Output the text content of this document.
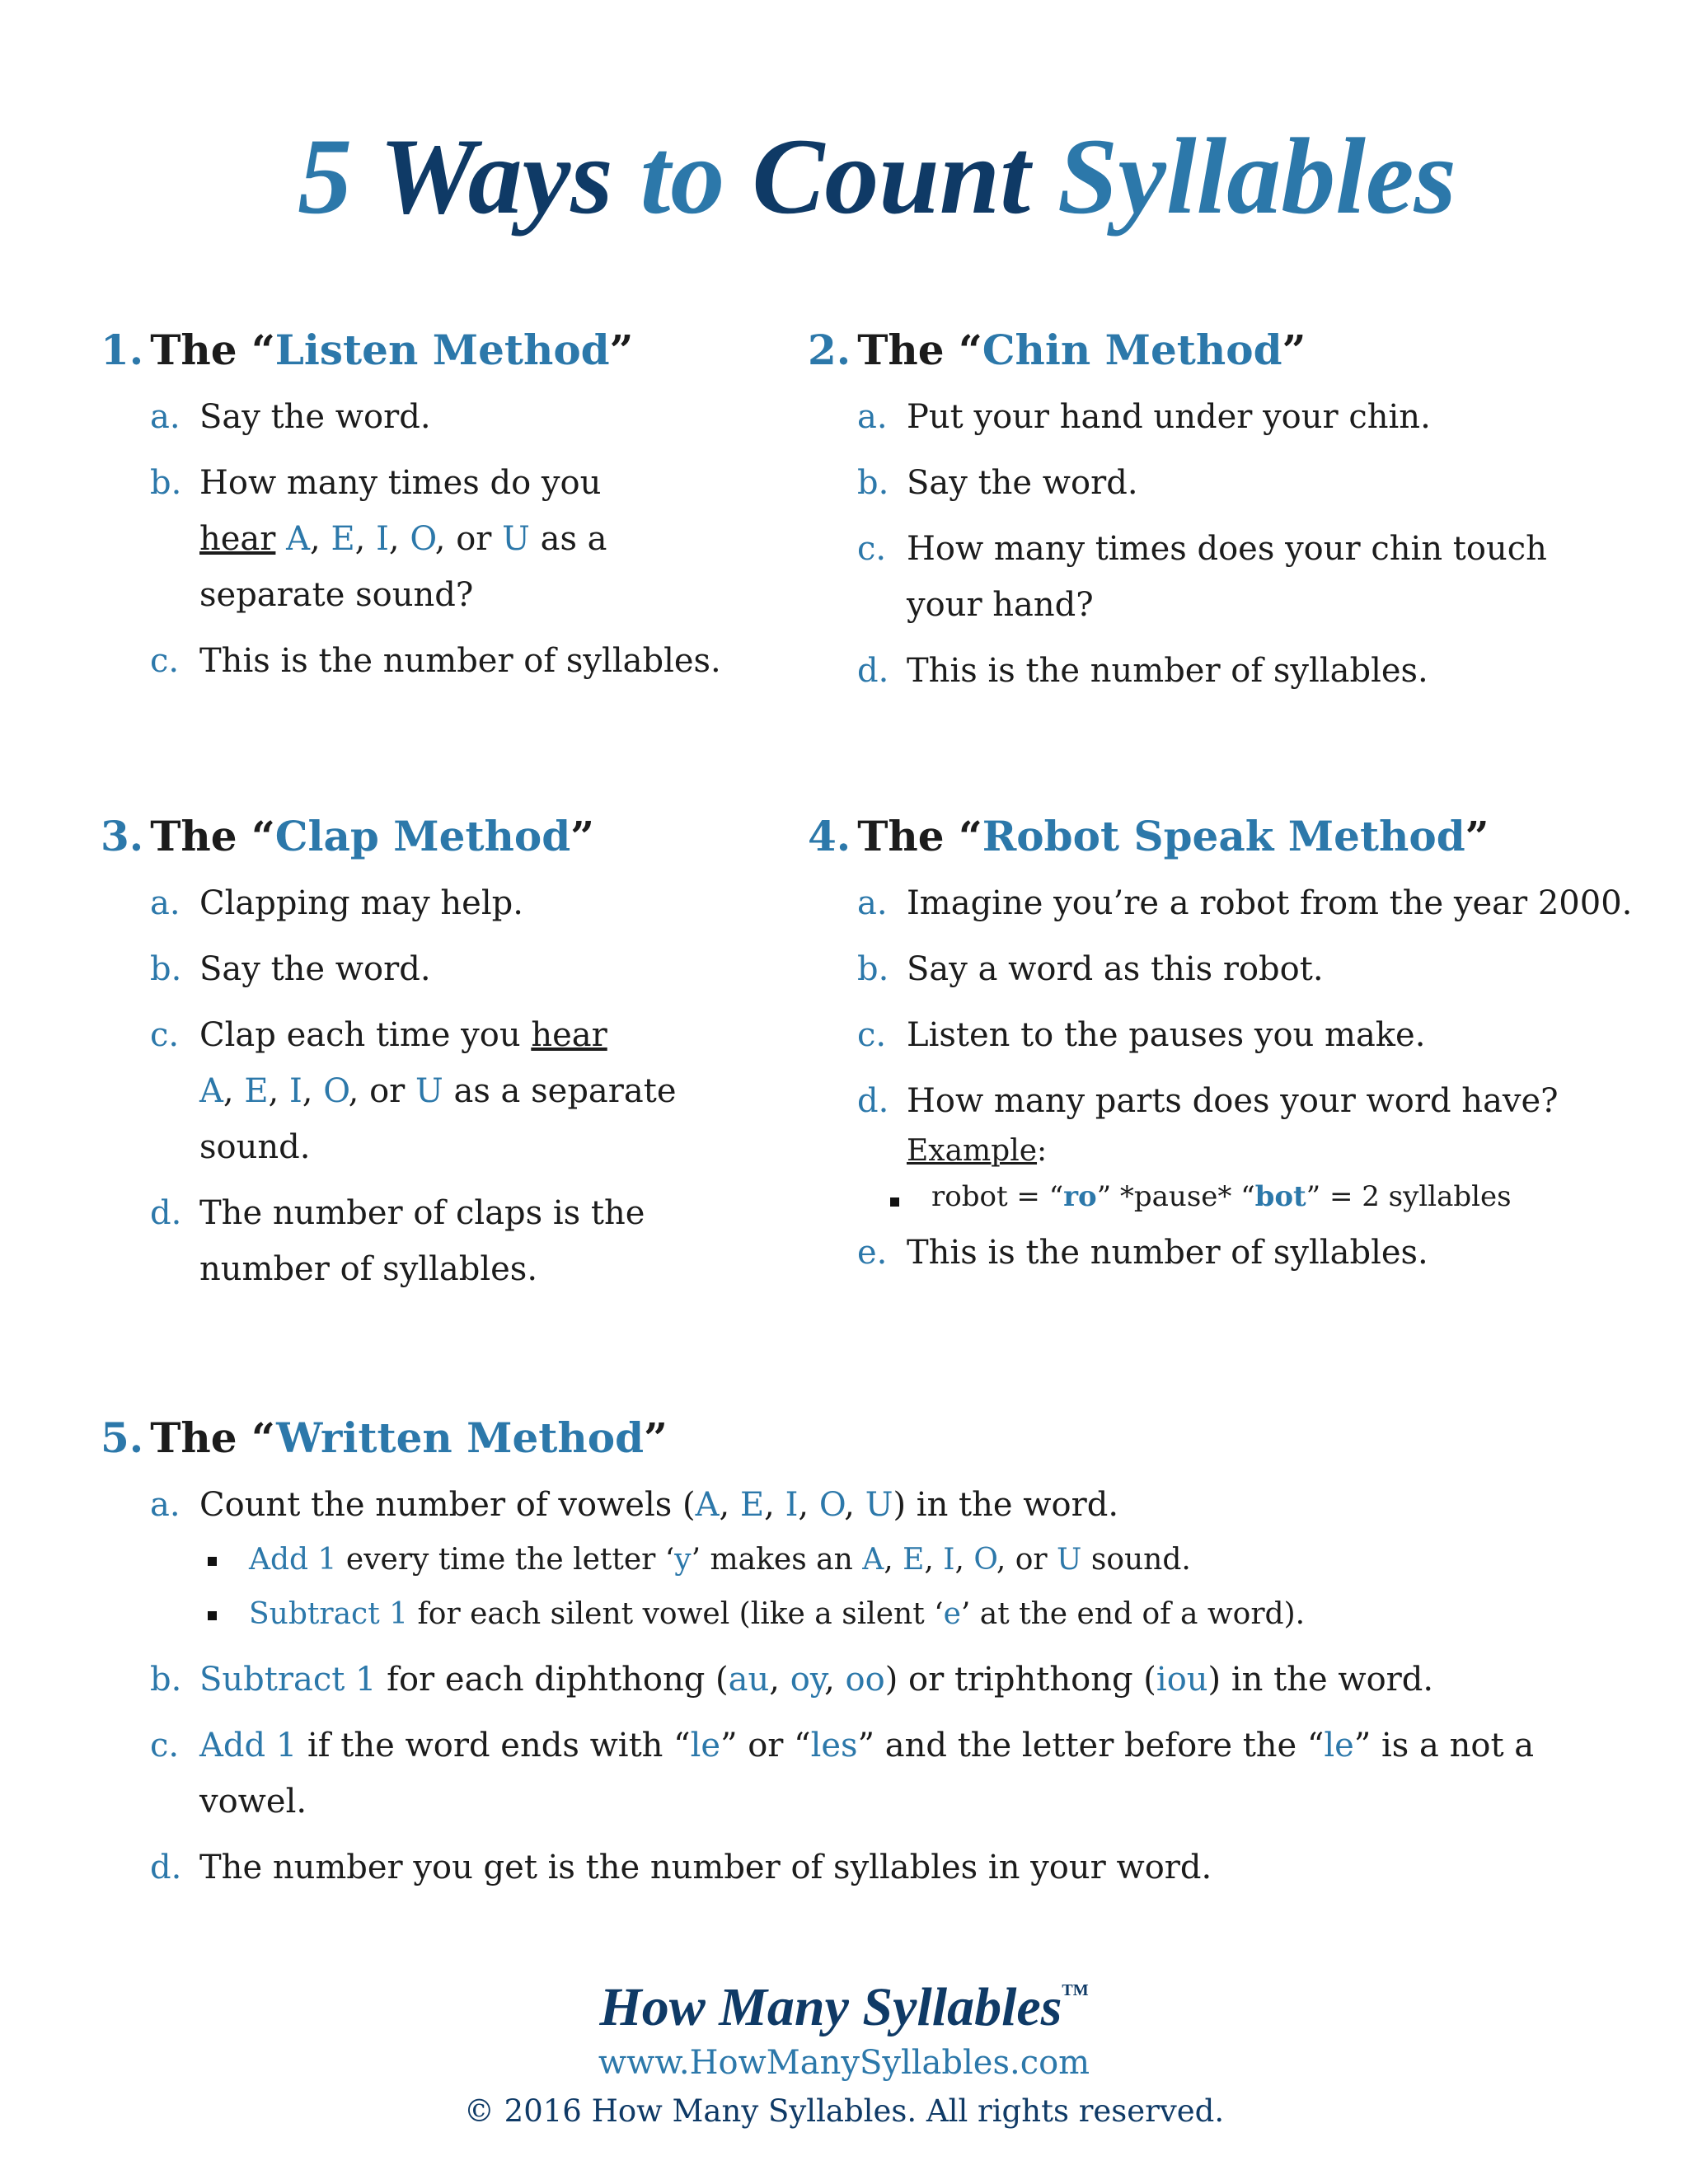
5 Ways to Count Syllables
1. The “Listen Method”
a. Say the word.
b. How many times do you
hear A, E, I, O, or U as a
separate sound?
c. This is the number of syllables.
2. The “Chin Method”
a. Put your hand under your chin.
b. Say the word.
c. How many times does your chin touch
your hand?
d. This is the number of syllables.
3. The “Clap Method”
a. Clapping may help.
b. Say the word.
c. Clap each time you hear
A, E, I, O, or U as a separate sound.
d. The number of claps is the
number of syllables.
4. The “Robot Speak Method”
a. Imagine you’re a robot from the year 2000.
b. Say a word as this robot.
c. Listen to the pauses you make.
d. How many parts does your word have?
Example:
robot = “ro” *pause* “bot” = 2 syllables
e. This is the number of syllables.
5. The “Written Method”
a. Count the number of vowels (A, E, I, O, U) in the word.
Add 1 every time the letter ‘y’ makes an A, E, I, O, or U sound.
Subtract 1 for each silent vowel (like a silent ‘e’ at the end of a word).
b. Subtract 1 for each diphthong (au, oy, oo) or triphthong (iou) in the word.
c. Add 1 if the word ends with “le” or “les” and the letter before the “le” is a not a vowel.
d. The number you get is the number of syllables in your word.
How Many Syllables™
www.HowManySyllables.com
© 2016 How Many Syllables. All rights reserved.
